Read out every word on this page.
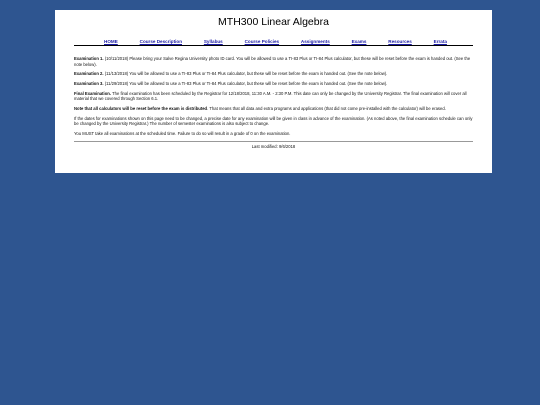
MTH300 Linear Algebra
HOME	Course Description	Syllabus	Course Policies	Assignments	Exams	Resources	Errata

Examination 1. (10/11/2018) Please bring your Salve Regina University photo ID card. You will be allowed to use a TI-83 Plus or TI-84 Plus calculator, but these will be reset before the exam is handed out. (See the note below).

Examination 2. (11/13/2018) You will be allowed to use a TI-83 Plus or TI-84 Plus calculator, but these will be reset before the exam is handed out. (See the note below).

Examination 3. (11/29/2018) You will be allowed to use a TI-83 Plus or TI-84 Plus calculator, but these will be reset before the exam is handed out. (See the note below).

Final Examination. The final examination has been scheduled by the Registrar for 12/18/2018, 11:30 A.M. - 2:30 P.M. This date can only be changed by the University Registrar. The final examination will cover all material that we covered through Section 6.1.

Note that all calculators will be reset before the exam is distributed. That means that all data and extra programs and applications (that did not come pre-installed with the calculator) will be erased.

If the dates for examinations shown on this page need to be changed, a precise date for any examination will be given in class in advance of the examination. (As noted above, the final examination schedule can only be changed by the University Registrar.) The number of semester examinations is also subject to change.

You MUST take all examinations at the scheduled time. Failure to do so will result in a grade of 0 on the examination.

Last modified: 9/6/2018
